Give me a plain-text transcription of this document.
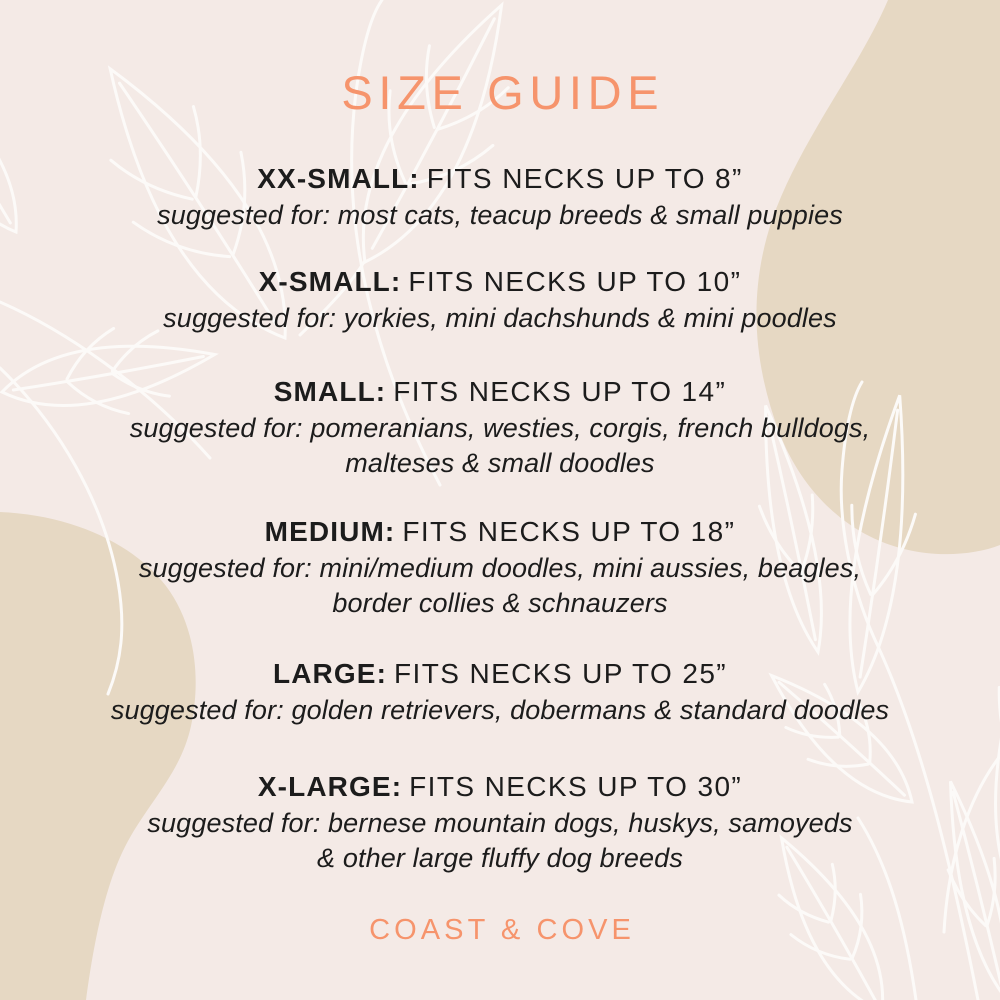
SIZE GUIDE
XX-SMALL: FITS NECKS UP TO 8”
suggested for: most cats, teacup breeds & small puppies
X-SMALL: FITS NECKS UP TO 10”
suggested for: yorkies, mini dachshunds & mini poodles
SMALL: FITS NECKS UP TO 14”
suggested for: pomeranians, westies, corgis, french bulldogs,
malteses & small doodles
MEDIUM: FITS NECKS UP TO 18”
suggested for: mini/medium doodles, mini aussies, beagles,
border collies & schnauzers
LARGE: FITS NECKS UP TO 25”
suggested for: golden retrievers, dobermans & standard doodles
X-LARGE: FITS NECKS UP TO 30”
suggested for: bernese mountain dogs, huskys, samoyeds
& other large fluffy dog breeds
COAST & COVE
